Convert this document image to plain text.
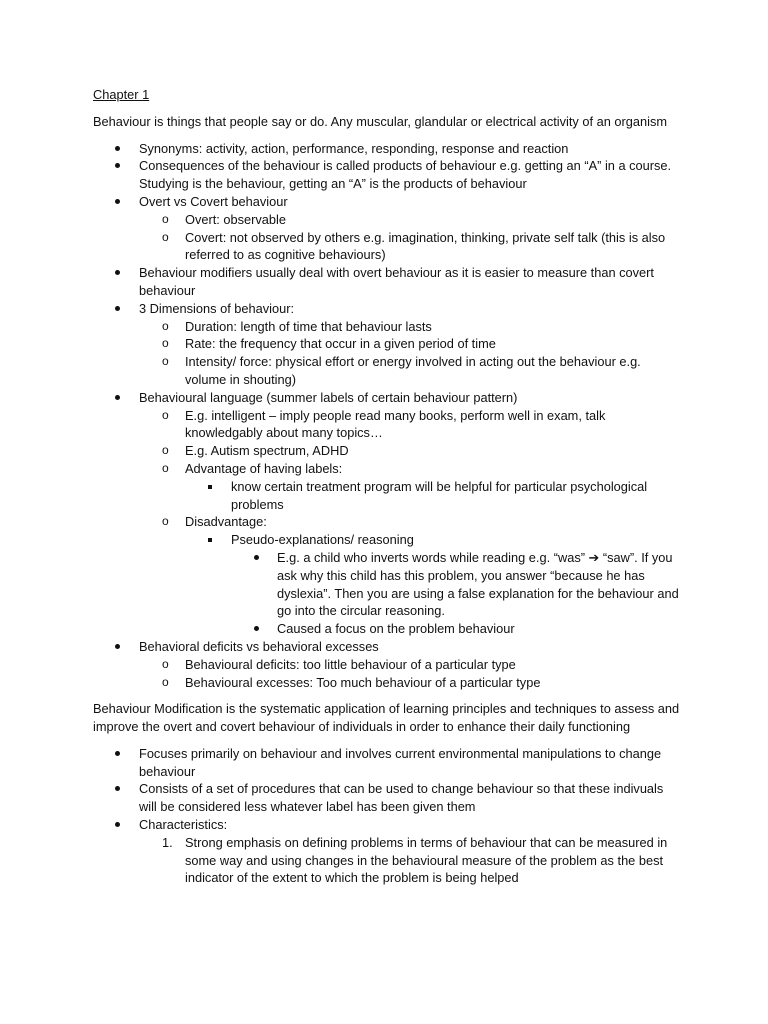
Chapter 1

Behaviour is things that people say or do. Any muscular, glandular or electrical activity of an organism

Synonyms: activity, action, performance, responding, response and reaction
Consequences of the behaviour is called products of behaviour e.g. getting an “A” in a course. Studying is the behaviour, getting an “A” is the products of behaviour
Overt vs Covert behaviour
o Overt: observable
o Covert: not observed by others e.g. imagination, thinking, private self talk (this is also referred to as cognitive behaviours)
Behaviour modifiers usually deal with overt behaviour as it is easier to measure than covert behaviour
3 Dimensions of behaviour:
o Duration: length of time that behaviour lasts
o Rate: the frequency that occur in a given period of time
o Intensity/ force: physical effort or energy involved in acting out the behaviour e.g. volume in shouting)
Behavioural language (summer labels of certain behaviour pattern)
o E.g. intelligent – imply people read many books, perform well in exam, talk knowledgably about many topics…
o E.g. Autism spectrum, ADHD
o Advantage of having labels:
know certain treatment program will be helpful for particular psychological problems
o Disadvantage:
Pseudo-explanations/ reasoning
E.g. a child who inverts words while reading e.g. “was” ➔ “saw”. If you ask why this child has this problem, you answer “because he has dyslexia”. Then you are using a false explanation for the behaviour and go into the circular reasoning.
Caused a focus on the problem behaviour
Behavioral deficits vs behavioral excesses
o Behavioural deficits: too little behaviour of a particular type
o Behavioural excesses: Too much behaviour of a particular type

Behaviour Modification is the systematic application of learning principles and techniques to assess and improve the overt and covert behaviour of individuals in order to enhance their daily functioning

Focuses primarily on behaviour and involves current environmental manipulations to change behaviour
Consists of a set of procedures that can be used to change behaviour so that these indivuals will be considered less whatever label has been given them
Characteristics:
1. Strong emphasis on defining problems in terms of behaviour that can be measured in some way and using changes in the behavioural measure of the problem as the best indicator of the extent to which the problem is being helped
